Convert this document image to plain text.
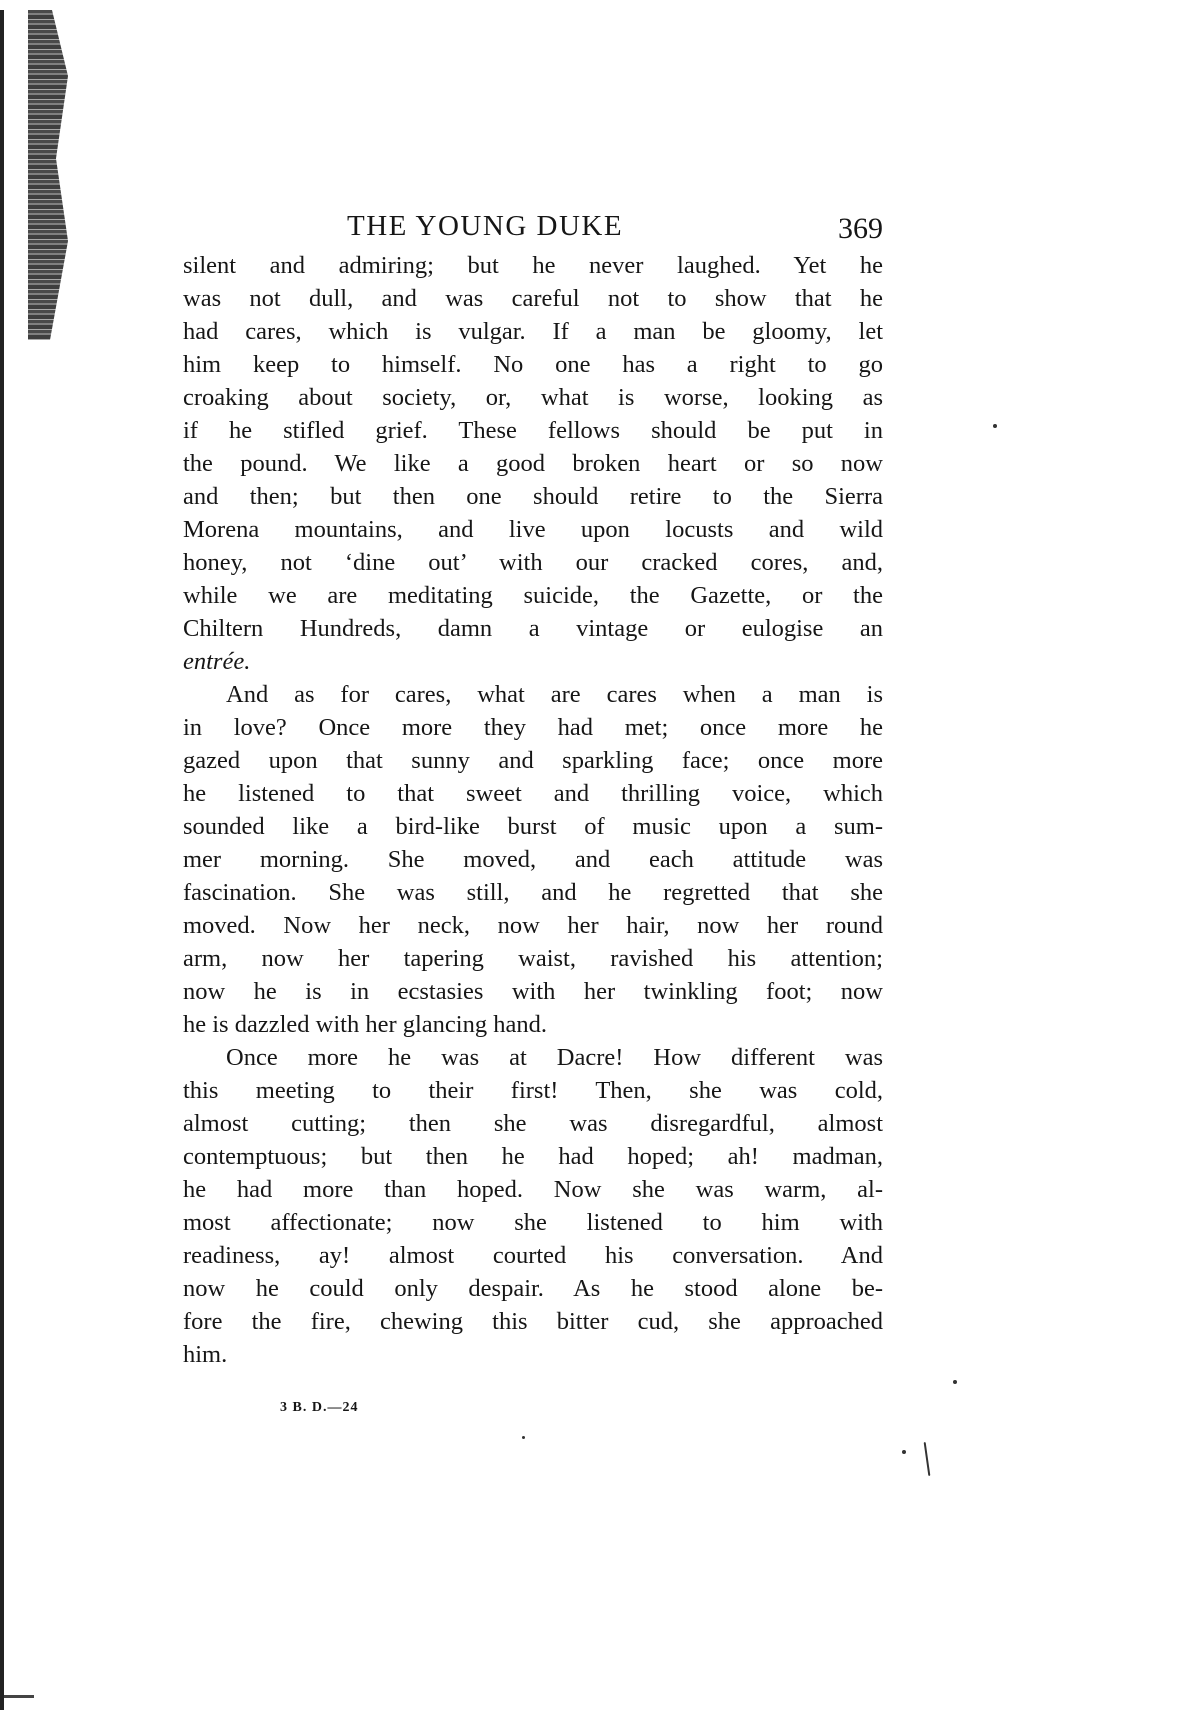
THE YOUNG DUKE	369
silent and admiring; but he never laughed. Yet he
was not dull, and was careful not to show that he
had cares, which is vulgar. If a man be gloomy, let
him keep to himself. No one has a right to go
croaking about society, or, what is worse, looking as
if he stifled grief. These fellows should be put in
the pound. We like a good broken heart or so now
and then; but then one should retire to the Sierra
Morena mountains, and live upon locusts and wild
honey, not ‘dine out’ with our cracked cores, and,
while we are meditating suicide, the Gazette, or the
Chiltern Hundreds, damn a vintage or eulogise an
entrée.
And as for cares, what are cares when a man is
in love? Once more they had met; once more he
gazed upon that sunny and sparkling face; once more
he listened to that sweet and thrilling voice, which
sounded like a bird-like burst of music upon a sum-
mer morning. She moved, and each attitude was
fascination. She was still, and he regretted that she
moved. Now her neck, now her hair, now her round
arm, now her tapering waist, ravished his attention;
now he is in ecstasies with her twinkling foot; now
he is dazzled with her glancing hand.
Once more he was at Dacre! How different was
this meeting to their first! Then, she was cold,
almost cutting; then she was disregardful, almost
contemptuous; but then he had hoped; ah! madman,
he had more than hoped. Now she was warm, al-
most affectionate; now she listened to him with
readiness, ay! almost courted his conversation. And
now he could only despair. As he stood alone be-
fore the fire, chewing this bitter cud, she approached
him.
3 B. D.—24
